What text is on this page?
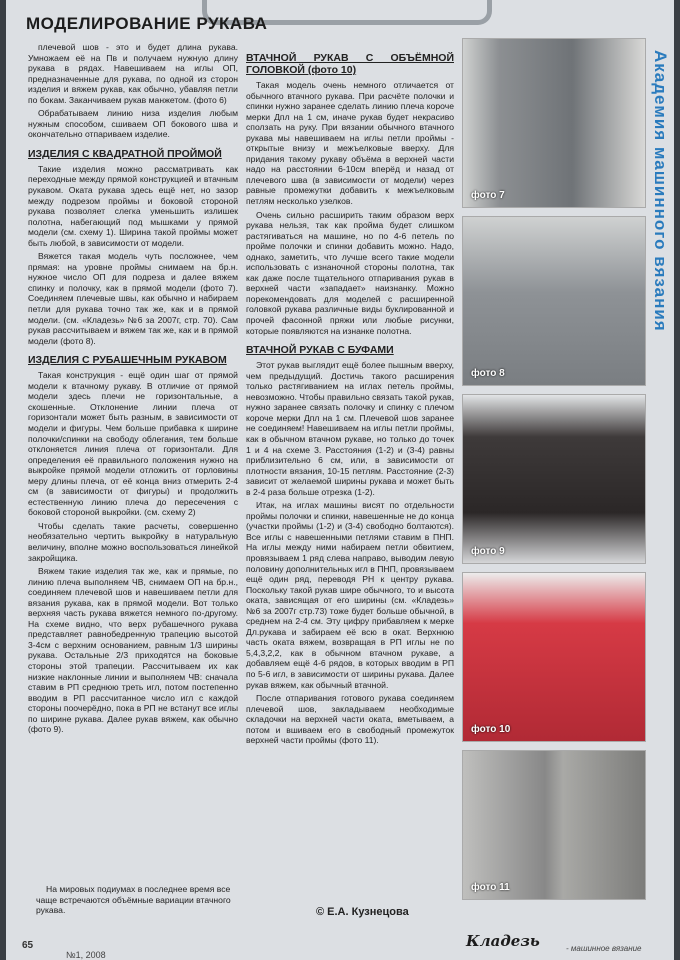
МОДЕЛИРОВАНИЕ РУКАВА

плечевой шов - это и будет длина рукава. Умножаем её на Пв и получаем нужную длину рукава в рядах. Навешиваем на иглы ОП, предназначенные для рукава, по одной из сторон изделия и вяжем рукав, как обычно, убавляя петли по бокам. Заканчиваем рукав манжетом. (фото 6)

Обрабатываем линию низа изделия любым нужным способом, сшиваем ОП бокового шва и окончательно отпариваем изделие.

ИЗДЕЛИЯ С КВАДРАТНОЙ ПРОЙМОЙ

Такие изделия можно рассматривать как переходные между прямой конструкцией и втачным рукавом. Оката рукава здесь ещё нет, но зазор между подрезом проймы и боковой стороной рукава позволяет слегка уменьшить излишек полотна, набегающий под мышками у прямой модели (см. схему 1). Ширина такой проймы может быть любой, в зависимости от модели.

Вяжется такая модель чуть посложнее, чем прямая: на уровне проймы снимаем на бр.н. нужное число ОП для подреза и далее вяжем спинку и полочку, как в прямой модели (фото 7). Соединяем плечевые швы, как обычно и набираем петли для рукава точно так же, как и в прямой модели. (см. «Кладезь» №6 за 2007г, стр. 70). Сам рукав рассчитываем и вяжем так же, как и в прямой модели (фото 8).

ИЗДЕЛИЯ С РУБАШЕЧНЫМ РУКАВОМ

Такая конструкция - ещё один шаг от прямой модели к втачному рукаву. В отличие от прямой модели здесь плечи не горизонтальные, а скошенные. Отклонение линии плеча от горизонтали может быть разным, в зависимости от модели и фигуры. Чем больше прибавка к ширине полочки/спинки на свободу облегания, тем больше отклоняется линия плеча от горизонтали. Для определения её правильного положения нужно на выкройке прямой модели отложить от горловины меру длины плеча, от её конца вниз отмерить 2-4 см (в зависимости от фигуры) и продолжить естественную линию плеча до пересечения с боковой стороной выкройки. (см. схему 2)

Чтобы сделать такие расчеты, совершенно необязательно чертить выкройку в натуральную величину, вполне можно воспользоваться линейкой закройщика.

Вяжем такие изделия так же, как и прямые, по линию плеча выполняем ЧВ, снимаем ОП на бр.н., соединяем плечевой шов и навешиваем петли для вязания рукава, как в прямой модели. Вот только верхняя часть рукава вяжется немного по-другому. На схеме видно, что верх рубашечного рукава представляет равнобедренную трапецию высотой 3-4см с верхним основанием, равным 1/3 ширины рукава. Остальные 2/3 приходятся на боковые стороны этой трапеции. Рассчитываем их как низкие наклонные линии и выполняем ЧВ: сначала ставим в РП среднюю треть игл, потом постепенно вводим в РП рассчитанное число игл с каждой стороны поочерёдно, пока в РП не встанут все иглы по ширине рукава. Далее рукав вяжем, как обычно (фото 9).

На мировых подиумах в последнее время все чаще встречаются объёмные вариации втачного рукава.
ВТАЧНОЙ РУКАВ С ОБЪЁМНОЙ ГОЛОВКОЙ (фото 10)

Такая модель очень немного отличается от обычного втачного рукава. При расчёте полочки и спинки нужно заранее сделать линию плеча короче мерки Дпл на 1 см, иначе рукав будет некрасиво сползать на руку. При вязании обычного втачного рукава мы навешиваем на иглы петли проймы - открытые внизу и межъелковые вверху. Для придания такому рукаву объёма в верхней части надо на расстоянии 6-10см вперёд и назад от плечевого шва (в зависимости от модели) через равные промежутки добавить к межъелковым петлям несколько узелков.

Очень сильно расширить таким образом верх рукава нельзя, так как пройма будет слишком растягиваться на машине, но по 4-6 петель по пройме полочки и спинки добавить можно. Надо, однако, заметить, что лучше всего такие модели использовать с изнаночной стороны полотна, так как даже после тщательного отпаривания рукав в верхней части «западает» наизнанку. Можно порекомендовать для моделей с расширенной головкой рукава различные виды буклированной и прочей фасонной пряжи или любые рисунки, которые появляются на изнанке полотна.

ВТАЧНОЙ РУКАВ С БУФАМИ

Этот рукав выглядит ещё более пышным вверху, чем предыдущий. Достичь такого расширения только растягиванием на иглах петель проймы, невозможно. Чтобы правильно связать такой рукав, нужно заранее связать полочку и спинку с плечом короче мерки Дпл на 1 см. Плечевой шов заранее не соединяем! Навешиваем на иглы петли проймы, как в обычном втачном рукаве, но только до точек 1 и 4 на схеме 3. Расстояния (1-2) и (3-4) равны приблизительно 6 см, или, в зависимости от плотности вязания, 10-15 петлям. Расстояние (2-3) зависит от желаемой ширины рукава и может быть в 2-4 раза больше отрезка (1-2).

Итак, на иглах машины висят по отдельности проймы полочки и спинки, навешенные не до конца (участки проймы (1-2) и (3-4) свободно болтаются). Все иглы с навешенными петлями ставим в ПНП. На иглы между ними набираем петли обвитием, провязываем 1 ряд слева направо, выводим левую половину дополнительных игл в ПНП, провязываем ещё один ряд, переводя РН к центру рукава. Поскольку такой рукав шире обычного, то и высота оката, зависящая от его ширины (см. «Кладезь» №6 за 2007г стр.73) тоже будет больше обычной, в среднем на 2-4 см. Эту цифру прибавляем к мерке Дл.рукава и забираем её всю в окат. Верхнюю часть оката вяжем, возвращая в РП иглы не по 5,4,3,2,2, как в обычном втачном рукаве, а добавляем ещё 4-6 рядов, в которых вводим в РП по 5-6 игл, в зависимости от ширины рукава. Далее рукав вяжем, как обычный втачной.

После отпаривания готового рукава соединяем плечевой шов, закладываем необходимые складочки на верхней части оката, вметываем, а потом и вшиваем его в свободный промежуток верхней части проймы (фото 11).

© Е.А. Кузнецова
фото 7
фото 8
фото 9
фото 10
фото 11
Академия машинного вязания
65
№1, 2008
Кладезь	- машинное вязание
